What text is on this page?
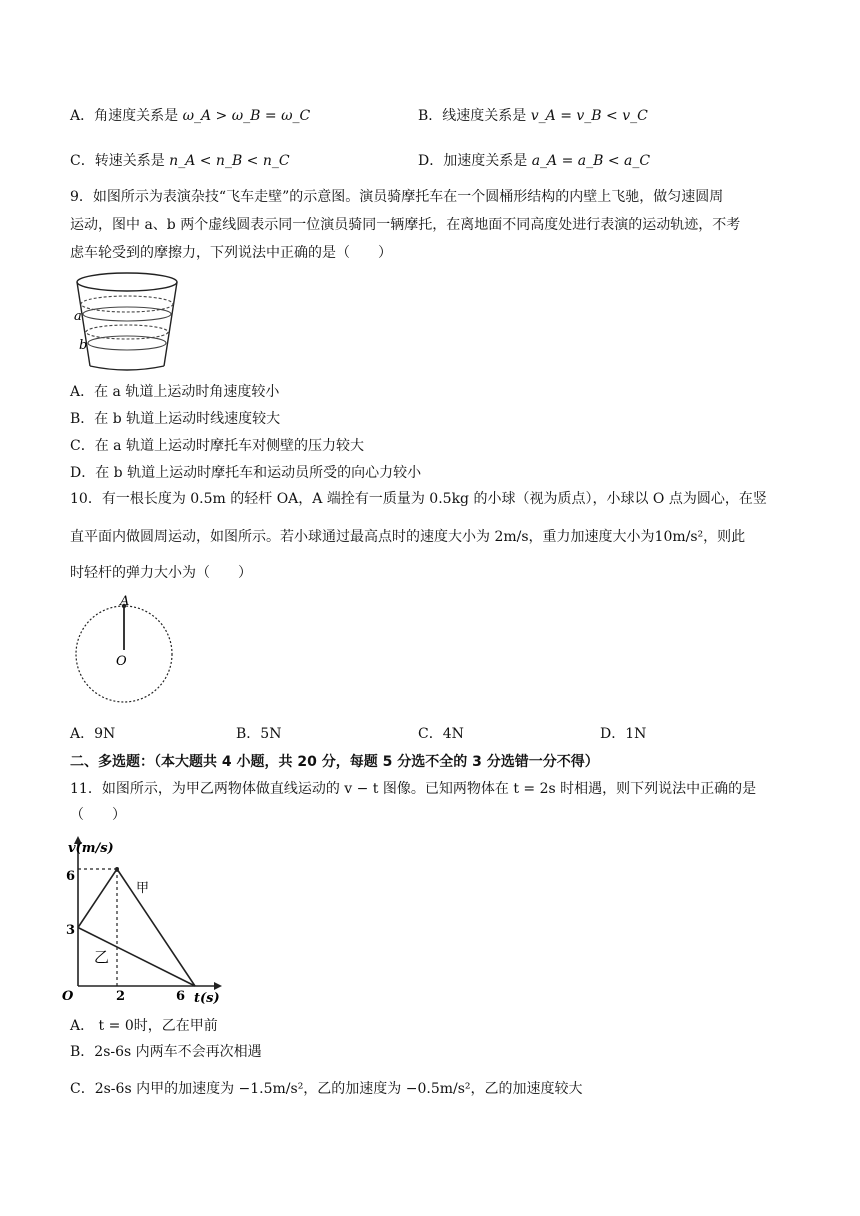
A．角速度关系是 ω_A > ω_B = ω_C	B．线速度关系是 v_A = v_B < v_C
C．转速关系是 n_A < n_B < n_C	D．加速度关系是 a_A = a_B < a_C
9．如图所示为表演杂技“飞车走壁”的示意图。演员骑摩托车在一个圆桶形结构的内壁上飞驰，做匀速圆周
运动，图中 a、b 两个虚线圆表示同一位演员骑同一辆摩托，在离地面不同高度处进行表演的运动轨迹，不考
虑车轮受到的摩擦力，下列说法中正确的是（　　）
a
b
A．在 a 轨道上运动时角速度较小
B．在 b 轨道上运动时线速度较大
C．在 a 轨道上运动时摩托车对侧壁的压力较大
D．在 b 轨道上运动时摩托车和运动员所受的向心力较小
10．有一根长度为 0.5m 的轻杆 OA，A 端拴有一质量为 0.5kg 的小球（视为质点），小球以 O 点为圆心，在竖
直平面内做圆周运动，如图所示。若小球通过最高点时的速度大小为 2m/s，重力加速度大小为10m/s²，则此
时轻杆的弹力大小为（　　）
A
O
A．9N	B．5N	C．4N	D．1N
二、多选题：（本大题共 4 小题，共 20 分，每题 5 分选不全的 3 分选错一分不得）
11．如图所示，为甲乙两物体做直线运动的 v − t 图像。已知两物体在 t = 2s 时相遇，则下列说法中正确的是
（　　）
v(m/s)
t(s)
O
6
3
2	6
甲
乙
A． t = 0时，乙在甲前
B．2s-6s 内两车不会再次相遇
C．2s-6s 内甲的加速度为 −1.5m/s²，乙的加速度为 −0.5m/s²，乙的加速度较大
